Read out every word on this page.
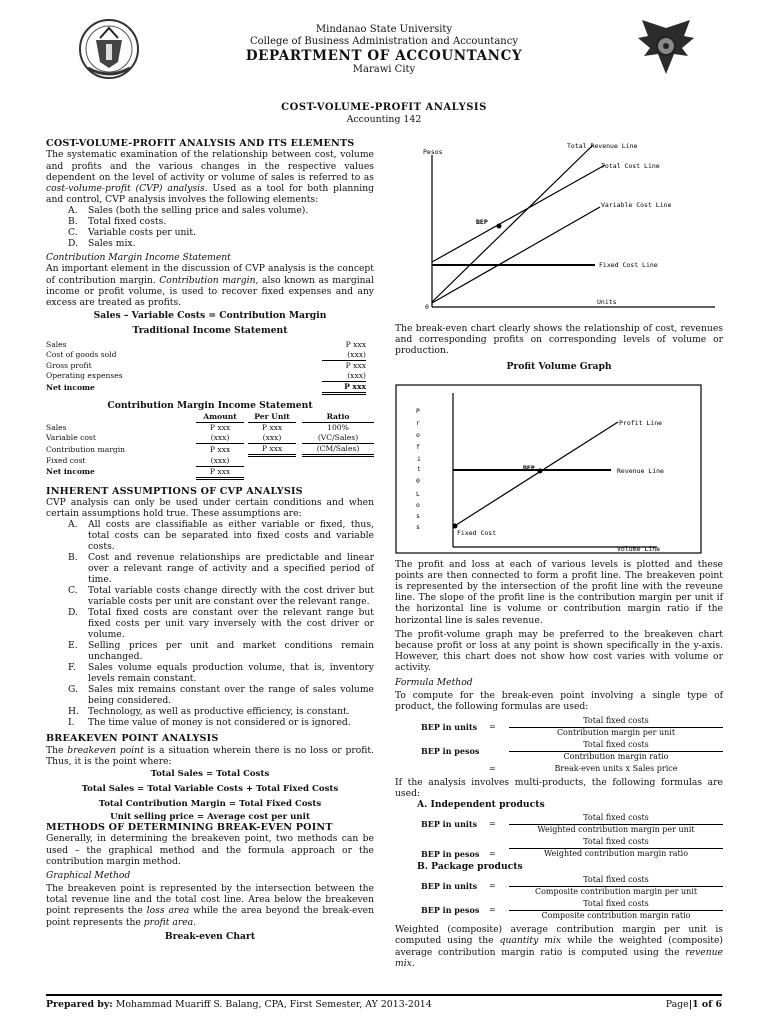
Mindanao State University
College of Business Administration and Accountancy
DEPARTMENT OF ACCOUNTANCY
Marawi City
COST-VOLUME-PROFIT ANALYSIS
Accounting 142
COST-VOLUME-PROFIT ANALYSIS AND ITS ELEMENTS

The systematic examination of the relationship between cost, volume and profits and the various changes in the respective values dependent on the level of activity or volume of sales is referred to as cost-volume-profit (CVP) analysis. Used as a tool for both planning and control, CVP analysis involves the following elements:

A.	Sales (both the selling price and sales volume).
B.	Total fixed costs.
C.	Variable costs per unit.
D.	Sales mix.
Contribution Margin Income Statement

An important element in the discussion of CVP analysis is the concept of contribution margin. Contribution margin, also known as marginal income or profit volume, is used to recover fixed expenses and any excess are treated as profits.

Sales – Variable Costs = Contribution Margin
Traditional Income Statement
Sales	P xxx	
Cost of goods sold	(xxx)	
Gross profit	P xxx	
Operating expenses	(xxx)	
Net income	P xxx	
Contribution Margin Income Statement
	Amount		Per Unit		Ratio
Sales	P xxx		P xxx		100%
Variable cost	(xxx)		(xxx)		(VC/Sales)
Contribution margin	P xxx		P xxx		(CM/Sales)
Fixed cost	(xxx)				
Net income	P xxx				
INHERENT ASSUMPTIONS OF CVP ANALYSIS

CVP analysis can only be used under certain conditions and when certain assumptions hold true. These assumptions are:

A.	All costs are classifiable as either variable or fixed, thus, total costs can be separated into fixed costs and variable costs.
B.	Cost and revenue relationships are predictable and linear over a relevant range of activity and a specified period of time.
C.	Total variable costs change directly with the cost driver but variable costs per unit are constant over the relevant range.
D.	Total fixed costs are constant over the relevant range but fixed costs per unit vary inversely with the cost driver or volume.
E.	Selling prices per unit and market conditions remain unchanged.
F.	Sales volume equals production volume, that is, inventory levels remain constant.
G.	Sales mix remains constant over the range of sales volume being considered.
H. Technology, as well as productive efficiency, is constant.
I.	The time value of money is not considered or is ignored.
BREAKEVEN POINT ANALYSIS

The breakeven point is a situation wherein there is no loss or profit. Thus, it is the point where:

Total Sales = Total Costs
Total Sales = Total Variable Costs + Total Fixed Costs
Total Contribution Margin = Total Fixed Costs
Unit selling price = Average cost per unit
METHODS OF DETERMINING BREAK-EVEN POINT

Generally, in determining the breakeven point, two methods can be used – the graphical method and the formula approach or the contribution margin method.

Graphical Method

The breakeven point is represented by the intersection between the total revenue line and the total cost line. Area below the breakeven point represents the loss area while the area beyond the break-even point represents the profit area.

Break-even Chart
Pesos
Units
0
BEP
Total Revenue Line
Total Cost Line
Variable Cost Line
Fixed Cost Line

The break-even chart clearly shows the relationship of cost, revenues and corresponding profits on corresponding levels of volume or production.

Profit Volume Graph
P
r
o
f
i
t
0
L
o
s
s
BEP
Profit Line
Revenue Line
Fixed Cost
Volume Line

The profit and loss at each of various levels is plotted and these points are then connected to form a profit line. The breakeven point is represented by the intersection of the profit line with the reveune line. The slope of the profit line is the contribution margin per unit if the horizontal line is volume or contribution margin ratio if the horizontal line is sales revenue.

The profit-volume graph may be preferred to the breakeven chart because profit or loss at any point is shown specifically in the y-axis. However, this chart does not show how cost varies with volume or activity.

Formula Method

To compute for the break-even point involving a single type of product, the following formulas are used:

BEP in units	=	$\frac{\text{Total fixed costs}}{\text{Contribution margin per unit}}$
BEP in pesos	$\frac{\text{Total fixed costs}}{\text{Contribution margin ratio}}$
=	Break-even units x Sales price

If the analysis involves multi-products, the following formulas are used:

A. Independent products
BEP in units	=	$\frac{\text{Total fixed costs}}{\text{Weighted contribution margin per unit}}$
BEP in pesos	=	$\frac{\text{Total fixed costs}}{\text{Weighted contribution margin ratio}}$
B. Package products
BEP in units	=	$\frac{\text{Total fixed costs}}{\text{Composite contribution margin per unit}}$
BEP in pesos	=	$\frac{\text{Total fixed costs}}{\text{Composite contribution margin ratio}}$

Weighted (composite) average contribution margin per unit is computed using the quantity mix while the weighted (composite) average contribution margin ratio is computed using the revenue mix.

Prepared by: Mohammad Muariff S. Balang, CPA, First Semester, AY 2013-2014	Page|1 of 6
